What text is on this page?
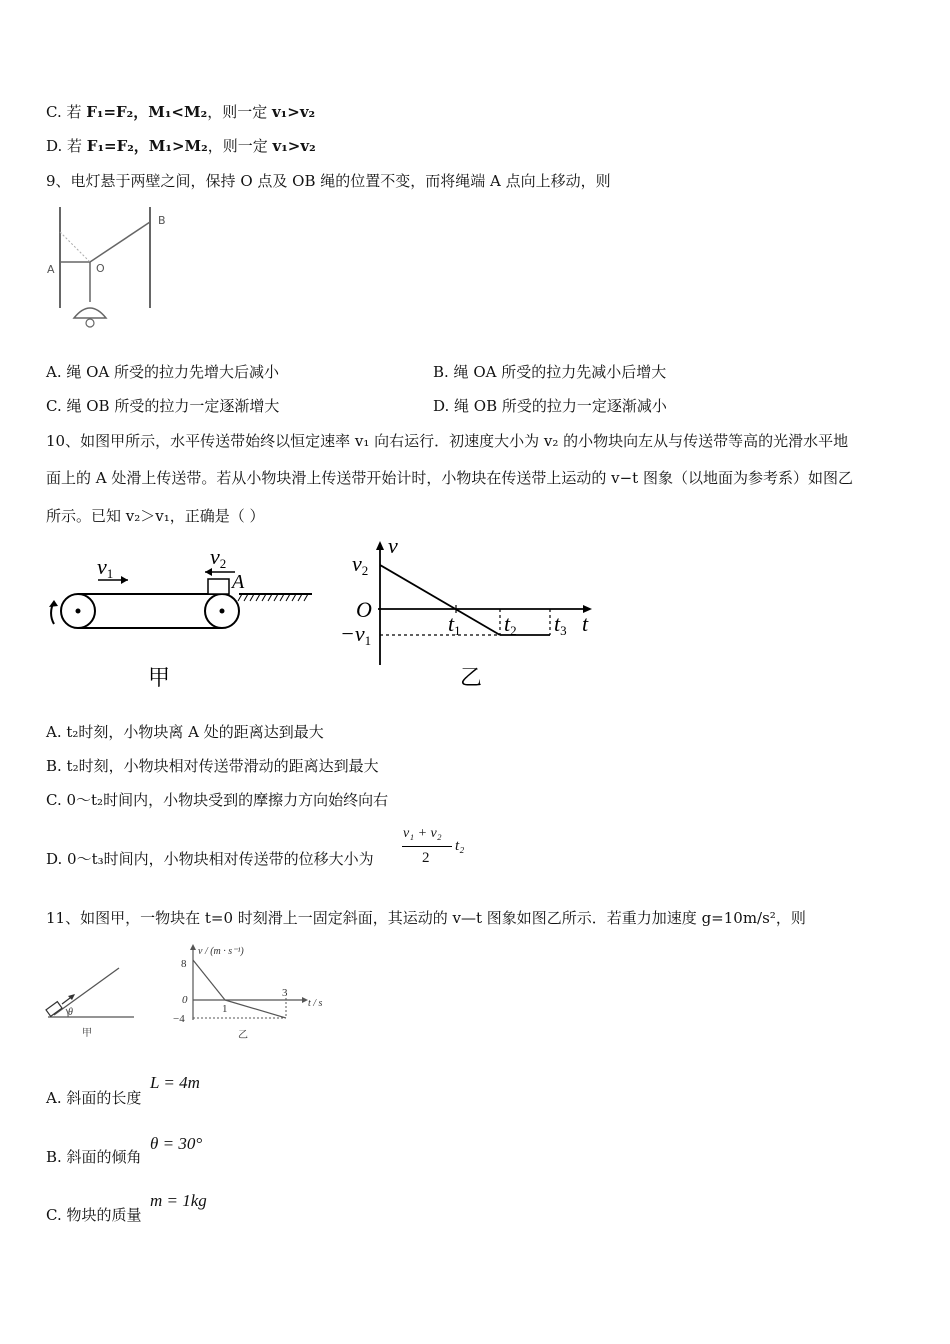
C. 若 F₁=F₂，M₁<M₂，则一定 v₁>v₂
D. 若 F₁=F₂，M₁>M₂，则一定 v₁>v₂
9、电灯悬于两壁之间，保持 O 点及 OB 绳的位置不变，而将绳端 A 点向上移动，则
A	O
B
A. 绳 OA 所受的拉力先增大后减小	B. 绳 OA 所受的拉力先减小后增大
C. 绳 OB 所受的拉力一定逐渐增大	D. 绳 OB 所受的拉力一定逐渐减小
10、如图甲所示，水平传送带始终以恒定速率 v₁ 向右运行．初速度大小为 v₂ 的小物块向左从与传送带等高的光滑水平地
面上的 A 处滑上传送带。若从小物块滑上传送带开始计时，小物块在传送带上运动的 v−t 图象（以地面为参考系）如图乙
所示。已知 v₂＞v₁，正确是（ ）
A
v1
v2
甲
v
v2
O
−v1
t1 t2 t3 t
乙
A. t₂时刻，小物块离 A 处的距离达到最大
B. t₂时刻，小物块相对传送带滑动的距离达到最大
C. 0～t₂时间内，小物块受到的摩擦力方向始终向右
D. 0～t₃时间内，小物块相对传送带的位移大小为
v₁ + v₂
2
t₂
11、如图甲，一物块在 t=0 时刻滑上一固定斜面，其运动的 v—t 图象如图乙所示．若重力加速度 g=10m/s²，则
θ
甲
v / (m · s⁻¹)
8
0
−4
1
3
t / s
乙
A. 斜面的长度
L = 4m
B. 斜面的倾角
θ = 30°
C. 物块的质量
m = 1kg
